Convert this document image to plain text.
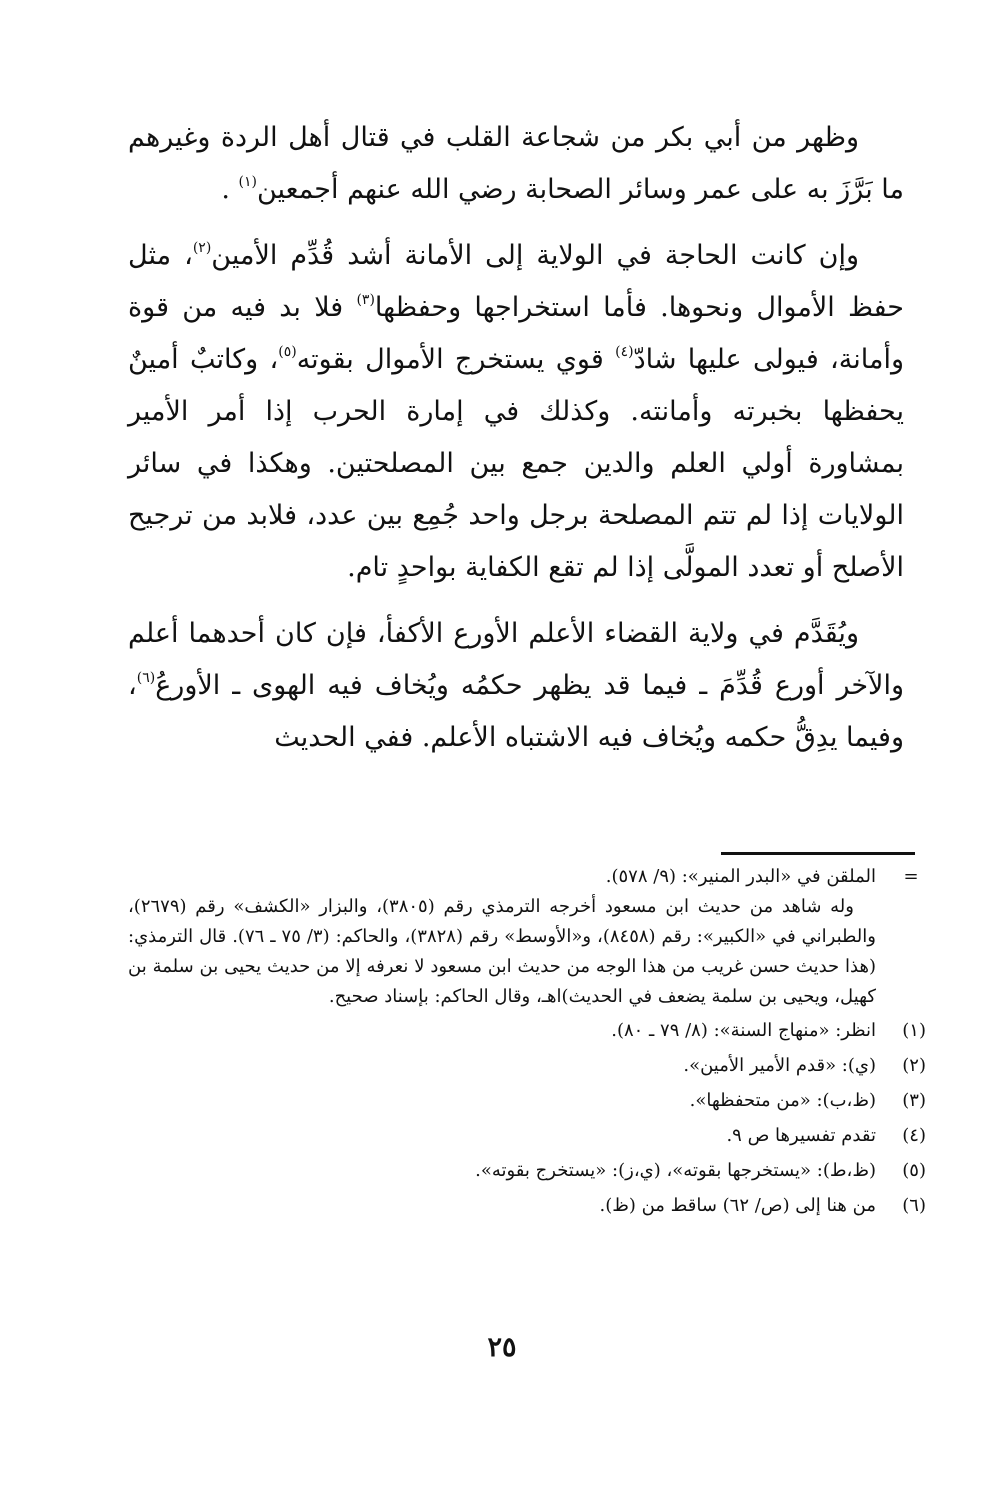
وظهر من أبي بكر من شجاعة القلب في قتال أهل الردة وغيرهم ما بَرَّزَ به على عمر وسائر الصحابة رضي الله عنهم أجمعين$^{(١)}$ .

وإن كانت الحاجة في الولاية إلى الأمانة أشد قُدِّم الأمين$^{(٢)}$، مثل حفظ الأموال ونحوها. فأما استخراجها وحفظها$^{(٣)}$ فلا بد فيه من قوة وأمانة، فيولى عليها شادّ$^{(٤)}$ قوي يستخرج الأموال بقوته$^{(٥)}$، وكاتبٌ أمينٌ يحفظها بخبرته وأمانته. وكذلك في إمارة الحرب إذا أمر الأمير بمشاورة أولي العلم والدين جمع بين المصلحتين. وهكذا في سائر الولايات إذا لم تتم المصلحة برجل واحد جُمِع بين عدد، فلابد من ترجيح الأصلح أو تعدد المولَّى إذا لم تقع الكفاية بواحدٍ تام.

ويُقَدَّم في ولاية القضاء الأعلم الأورع الأكفأ، فإن كان أحدهما أعلم والآخر أورع قُدِّمَ ـ فيما قد يظهر حكمُه ويُخاف فيه الهوى ـ الأورعُ$^{(٦)}$، وفيما يدِقُّ حكمه ويُخاف فيه الاشتباه الأعلم. ففي الحديث

=
الملقن في «البدر المنير»: (٩/ ٥٧٨).
وله شاهد من حديث ابن مسعود أخرجه الترمذي رقم (٣٨٠٥)، والبزار «الكشف» رقم (٢٦٧٩)، والطبراني في «الكبير»: رقم (٨٤٥٨)، و«الأوسط» رقم (٣٨٢٨)، والحاكم: (٣/ ٧٥ ـ ٧٦). قال الترمذي: (هذا حديث حسن غريب من هذا الوجه من حديث ابن مسعود لا نعرفه إلا من حديث يحيى بن سلمة بن كهيل، ويحيى بن سلمة يضعف في الحديث)اهـ، وقال الحاكم: بإسناد صحيح.
(١)
انظر: «منهاج السنة»: (٨/ ٧٩ ـ ٨٠).
(٢)
(ي): «قدم الأمير الأمين».
(٣)
(ظ،ب): «من متحفظها».
(٤)
تقدم تفسيرها ص ٩.
(٥)
(ظ،ط): «يستخرجها بقوته»، (ي،ز): «يستخرج بقوته».
(٦)
من هنا إلى (ص/ ٦٢) ساقط من (ظ).
٢٥
